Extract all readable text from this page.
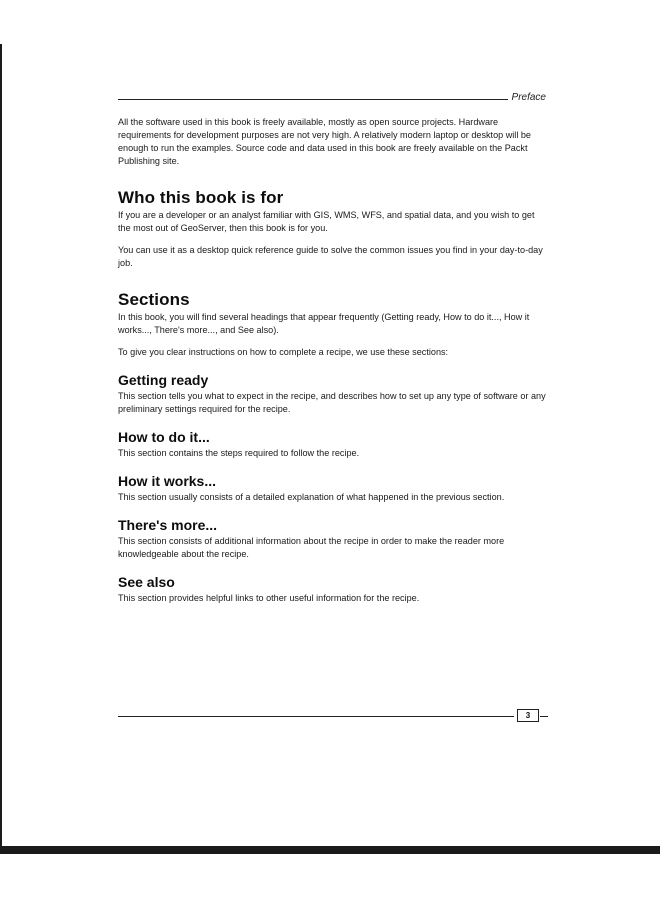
Preface

All the software used in this book is freely available, mostly as open source projects. Hardware requirements for development purposes are not very high. A relatively modern laptop or desktop will be enough to run the examples. Source code and data used in this book are freely available on the Packt Publishing site.

Who this book is for

If you are a developer or an analyst familiar with GIS, WMS, WFS, and spatial data, and you wish to get the most out of GeoServer, then this book is for you.

You can use it as a desktop quick reference guide to solve the common issues you find in your day-to-day job.

Sections

In this book, you will find several headings that appear frequently (Getting ready, How to do it..., How it works..., There's more..., and See also).

To give you clear instructions on how to complete a recipe, we use these sections:

Getting ready

This section tells you what to expect in the recipe, and describes how to set up any type of software or any preliminary settings required for the recipe.

How to do it...

This section contains the steps required to follow the recipe.

How it works...

This section usually consists of a detailed explanation of what happened in the previous section.

There's more...

This section consists of additional information about the recipe in order to make the reader more knowledgeable about the recipe.

See also

This section provides helpful links to other useful information for the recipe.

3
